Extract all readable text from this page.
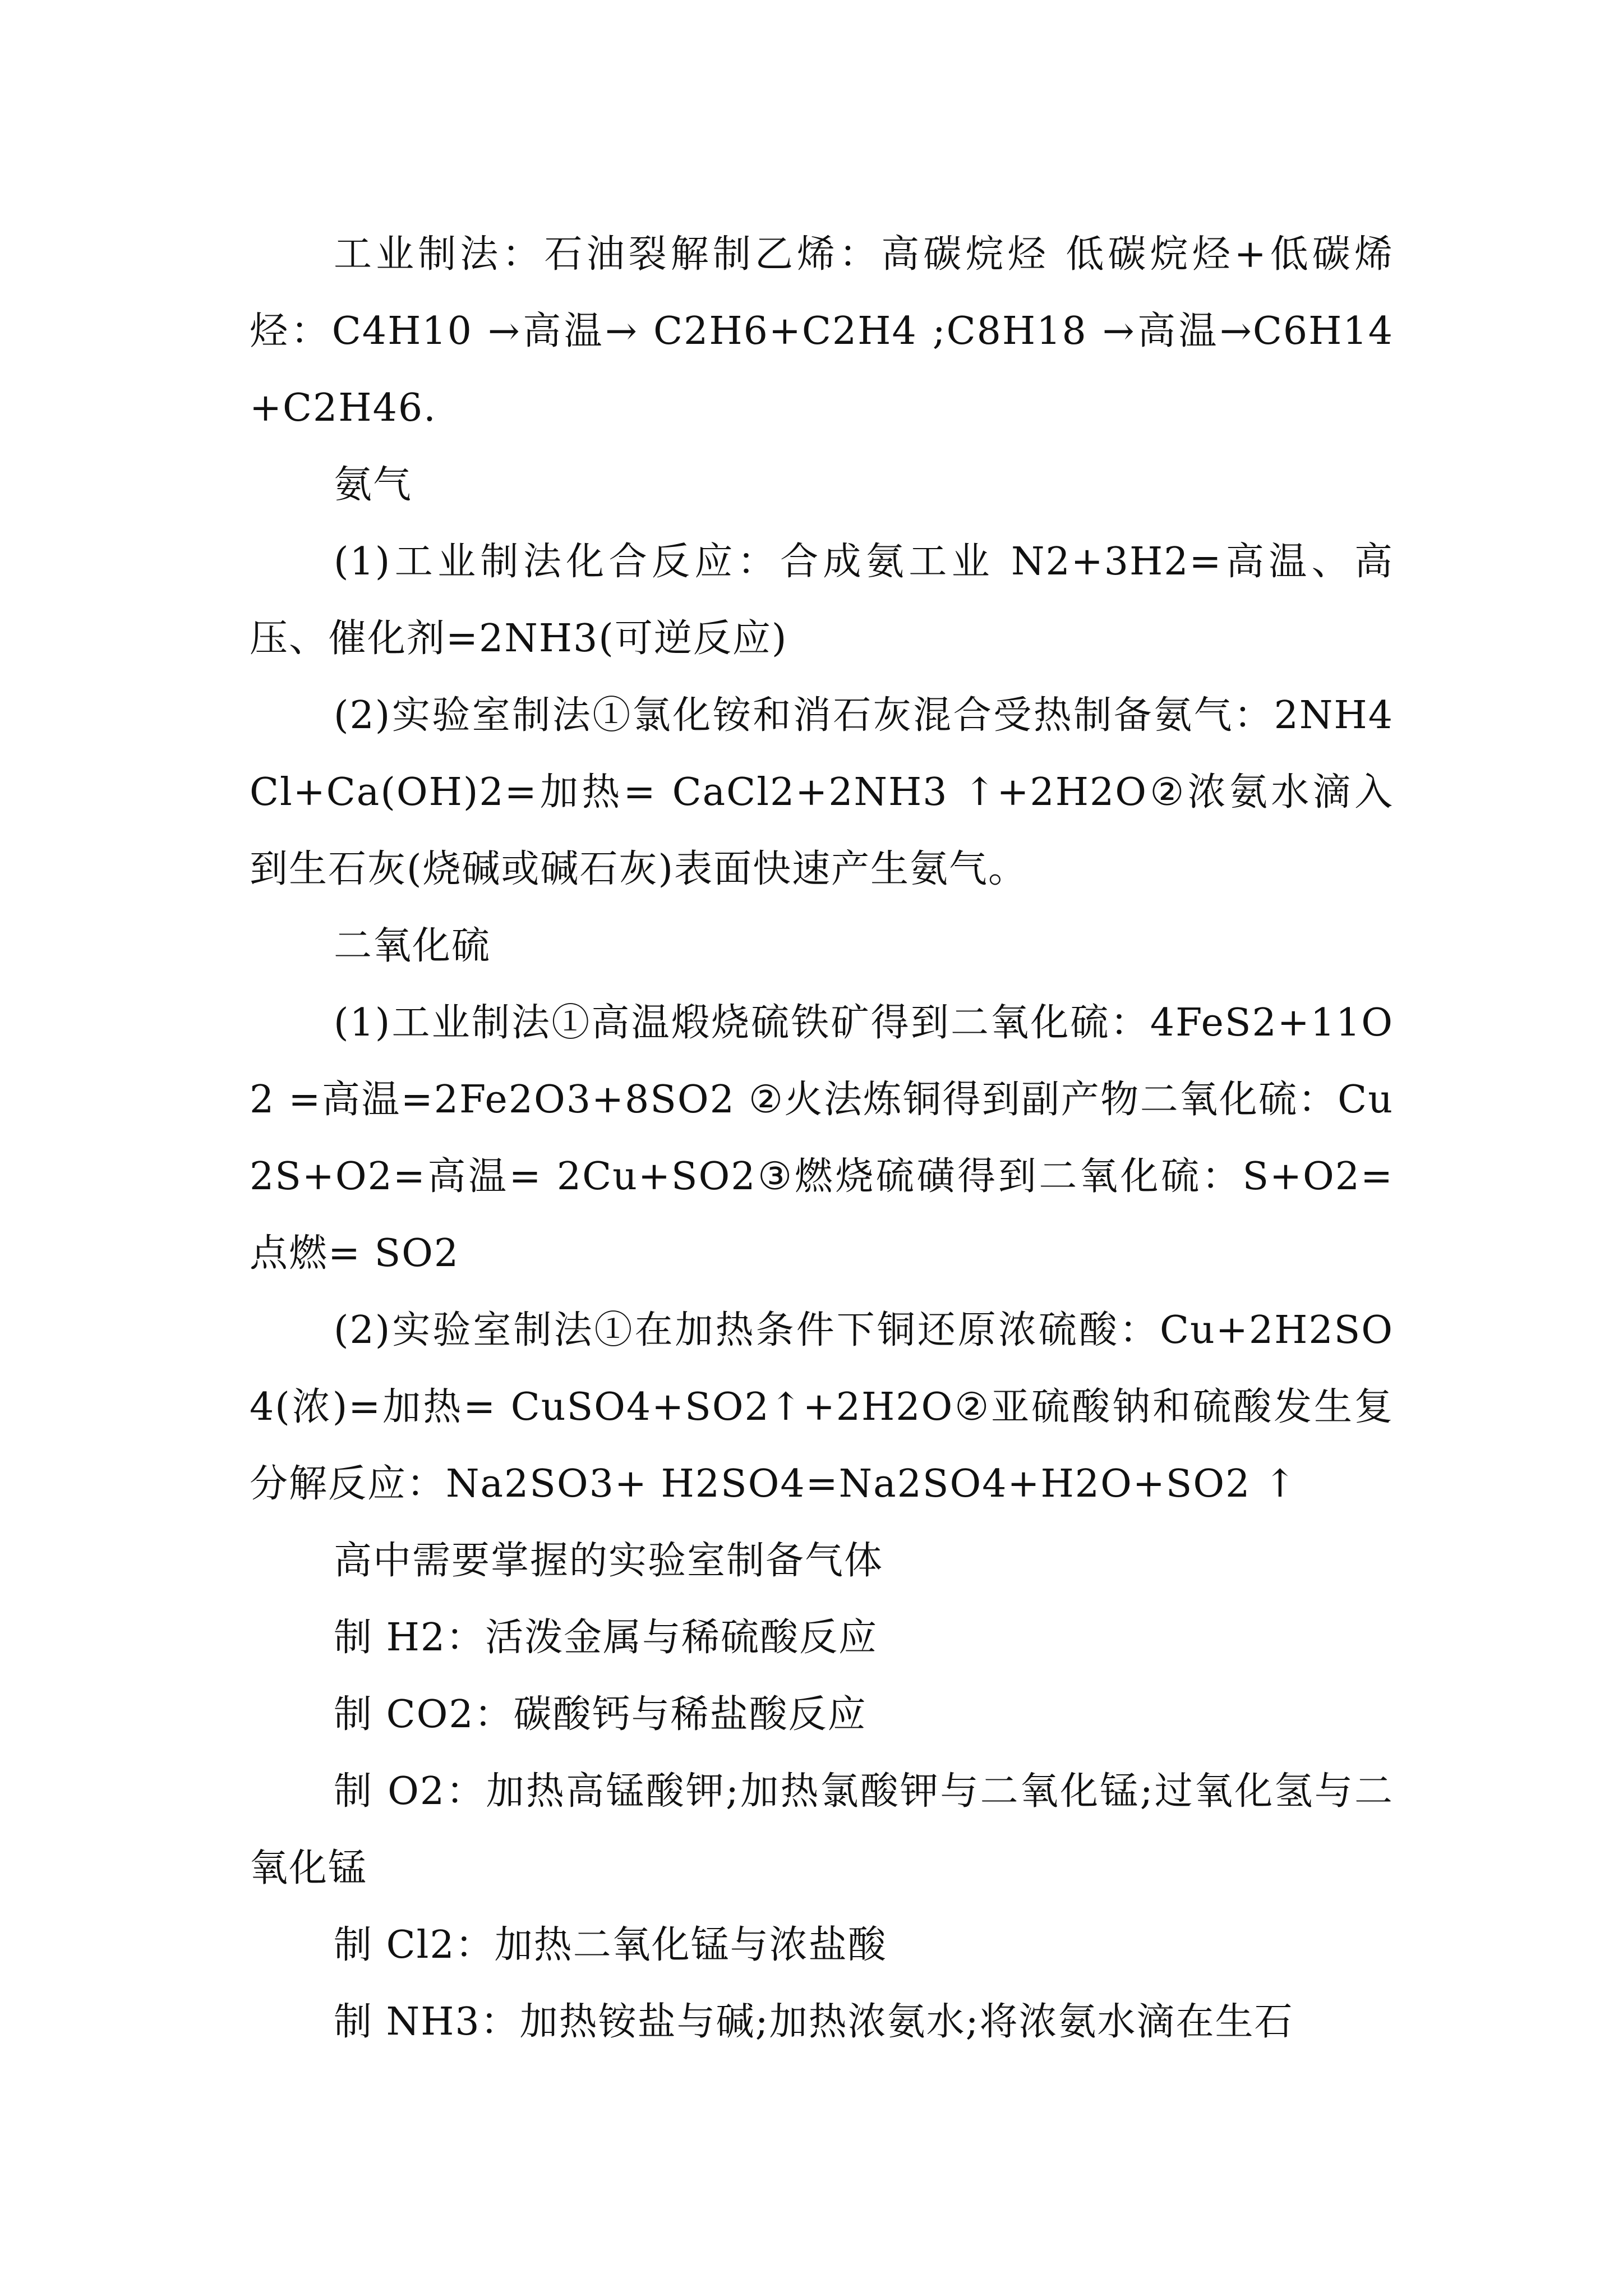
工业制法：石油裂解制乙烯：高碳烷烃 低碳烷烃+低碳烯烃：C4H10 →高温→ C2H6+C2H4 ;C8H18 →高温→C6H14+C2H46.

氨气

(1)工业制法化合反应：合成氨工业 N2+3H2=高温、高压、催化剂=2NH3(可逆反应)

(2)实验室制法①氯化铵和消石灰混合受热制备氨气：2NH4Cl+Ca(OH)2=加热= CaCl2+2NH3 ↑+2H2O②浓氨水滴入到生石灰(烧碱或碱石灰)表面快速产生氨气。

二氧化硫

(1)工业制法①高温煅烧硫铁矿得到二氧化硫：4FeS2+11O2 =高温=2Fe2O3+8SO2 ②火法炼铜得到副产物二氧化硫：Cu2S+O2=高温= 2Cu+SO2③燃烧硫磺得到二氧化硫：S+O2=点燃= SO2

(2)实验室制法①在加热条件下铜还原浓硫酸：Cu+2H2SO4(浓)=加热= CuSO4+SO2↑+2H2O②亚硫酸钠和硫酸发生复分解反应：Na2SO3+ H2SO4=Na2SO4+H2O+SO2 ↑

高中需要掌握的实验室制备气体

制 H2：活泼金属与稀硫酸反应

制 CO2：碳酸钙与稀盐酸反应

制 O2：加热高锰酸钾;加热氯酸钾与二氧化锰;过氧化氢与二氧化锰

制 Cl2：加热二氧化锰与浓盐酸

制 NH3：加热铵盐与碱;加热浓氨水;将浓氨水滴在生石
